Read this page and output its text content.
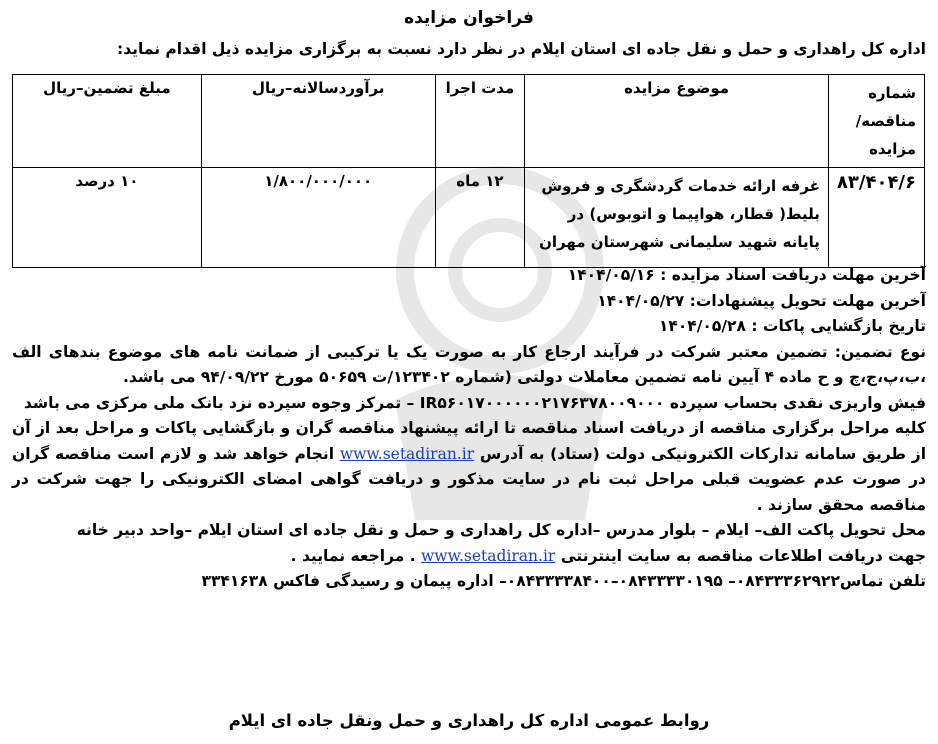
فراخوان مزایده
اداره کل راهداری و حمل و نقل جاده ای استان ایلام در نظر دارد نسبت به برگزاری مزایده ذیل اقدام نماید:
شماره مناقصه/مزایده	موضوع مزایده	مدت اجرا	برآوردسالانه–ریال	مبلغ تضمین–ریال
۸۳/۴۰۴/۶	غرفه ارائه خدمات گردشگری و فروش بلیط( قطار، هواپیما و اتوبوس) در پایانه شهید سلیمانی شهرستان مهران	۱۲ ماه	۱/۸۰۰/۰۰۰/۰۰۰	۱۰ درصد

آخرین مهلت دریافت اسناد مزایده : ۱۴۰۴/۰۵/۱۶

آخرین مهلت تحویل پیشنهادات: ۱۴۰۴/۰۵/۲۷

تاریخ بازگشایی پاکات : ۱۴۰۴/۰۵/۲۸

نوع تضمین: تضمین معتبر شرکت در فرآیند ارجاع کار به صورت یک یا ترکیبی از ضمانت نامه های موضوع بندهای الف ،ب،پ،ج،چ و ح ماده ۴ آیین نامه تضمین معاملات دولتی (شماره ۱۲۳۴۰۲/ت ۵۰۶۵۹ مورخ ۹۴/۰۹/۲۲ می باشد.

فیش واریزی نقدی بحساب سپرده IR۵۶۰۱۷۰۰۰۰۰۰۲۱۷۶۳۷۸۰۰۹۰۰۰ – تمرکز وجوه سپرده نزد بانک ملی مرکزی می باشد

کلیه مراحل برگزاری مناقصه از دریافت اسناد مناقصه تا ارائه پیشنهاد مناقصه گران و بازگشایی پاکات و مراحل بعد از آن از طریق سامانه تدارکات الکترونیکی دولت (ستاد) به آدرس www.setadiran.ir انجام خواهد شد و لازم است مناقصه گران در صورت عدم عضویت قبلی مراحل ثبت نام در سایت مذکور و دریافت گواهی امضای الکترونیکی را جهت شرکت در مناقصه محقق سازند .

محل تحویل پاکت الف– ایلام – بلوار مدرس –اداره کل راهداری و حمل و نقل جاده ای استان ایلام –واحد دبیر خانه

جهت دریافت اطلاعات مناقصه به سایت اینترنتی www.setadiran.ir . مراجعه نمایید .

تلفن تماس۰۸۴۳۳۳۶۲۹۲۲– ۰۸۴۳۳۳۳۰۱۹۵–۰۸۴۳۳۳۳۸۴۰۰– اداره پیمان و رسیدگی فاکس ۳۳۴۱۶۳۸

روابط عمومی اداره کل راهداری و حمل ونقل جاده ای ایلام
